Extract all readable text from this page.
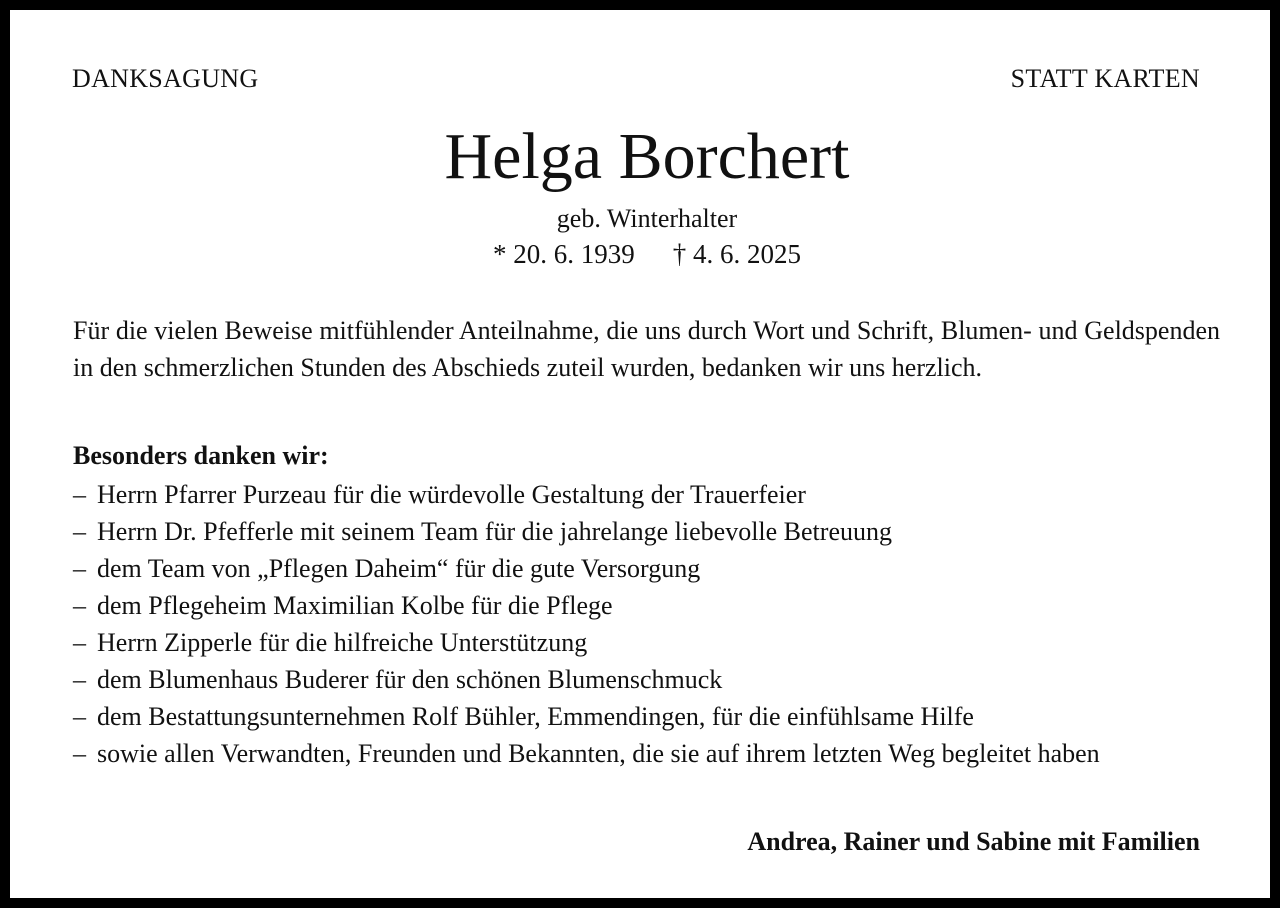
DANKSAGUNG	STATT KARTEN
Helga Borchert
geb. Winterhalter
* 20. 6. 1939 † 4. 6. 2025

Für die vielen Beweise mitfühlender Anteilnahme, die uns durch Wort und Schrift, Blumen- und Geldspenden in den schmerzlichen Stunden des Abschieds zuteil wurden, bedanken wir uns herzlich.

Besonders danken wir:
– Herrn Pfarrer Purzeau für die würdevolle Gestaltung der Trauerfeier
– Herrn Dr. Pfefferle mit seinem Team für die jahrelange liebevolle Betreuung
– dem Team von „Pflegen Daheim“ für die gute Versorgung
– dem Pflegeheim Maximilian Kolbe für die Pflege
– Herrn Zipperle für die hilfreiche Unterstützung
– dem Blumenhaus Buderer für den schönen Blumenschmuck
– dem Bestattungsunternehmen Rolf Bühler, Emmendingen, für die einfühlsame Hilfe
– sowie allen Verwandten, Freunden und Bekannten, die sie auf ihrem letzten Weg begleitet haben
Andrea, Rainer und Sabine mit Familien
